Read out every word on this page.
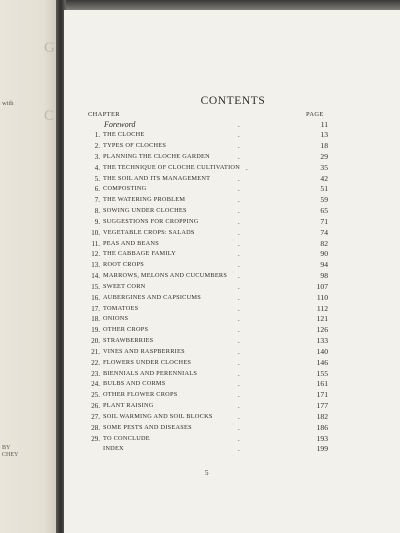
G
C
with
BY
CHEY
CONTENTS
CHAPTER	PAGE
Foreword	.	11
1. THE CLOCHE	.	13
2. TYPES OF CLOCHES	.	18
3. PLANNING THE CLOCHE GARDEN	.	29
4. THE TECHNIQUE OF CLOCHE CULTIVATION .	35
5. THE SOIL AND ITS MANAGEMENT	.	42
6. COMPOSTING	.	51
7. THE WATERING PROBLEM	.	59
8. SOWING UNDER CLOCHES	.	65
9. SUGGESTIONS FOR CROPPING	.	71
10. VEGETABLE CROPS: SALADS	.	74
11. PEAS AND BEANS	.	82
12. THE CABBAGE FAMILY	.	90
13. ROOT CROPS	.	94
14. MARROWS, MELONS AND CUCUMBERS .	98
15. SWEET CORN	.	107
16. AUBERGINES AND CAPSICUMS	.	110
17. TOMATOES	.	112
18. ONIONS	.	121
19. OTHER CROPS	.	126
20. STRAWBERRIES	.	133
21. VINES AND RASPBERRIES	.	140
22. FLOWERS UNDER CLOCHES	.	146
23. BIENNIALS AND PERENNIALS	.	155
24. BULBS AND CORMS	.	161
25. OTHER FLOWER CROPS	.	171
26. PLANT RAISING	.	177
27. SOIL WARMING AND SOIL BLOCKS	.	182
28. SOME PESTS AND DISEASES	.	186
29. TO CONCLUDE	.	193
INDEX	.	199
5
